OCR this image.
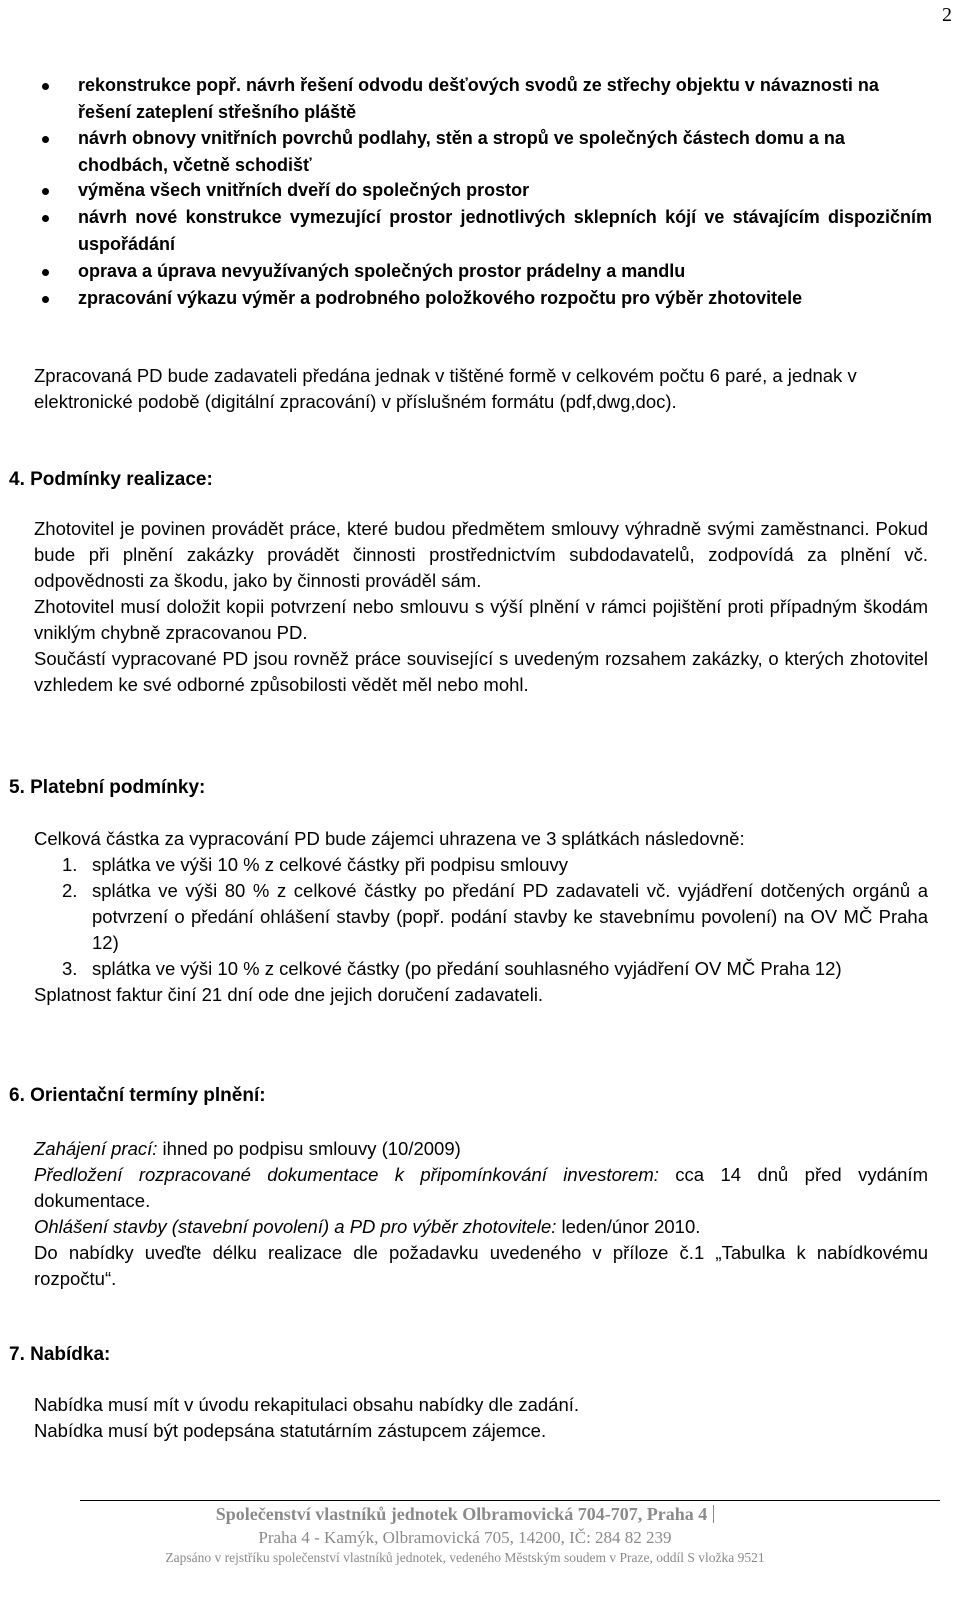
2
rekonstrukce popř. návrh řešení odvodu dešťových svodů ze střechy objektu v návaznosti na řešení zateplení střešního pláště
návrh obnovy vnitřních povrchů podlahy, stěn a stropů ve společných částech domu a na chodbách, včetně schodišť
výměna všech vnitřních dveří do společných prostor
návrh nové konstrukce vymezující prostor jednotlivých sklepních kójí ve stávajícím dispozičním uspořádání
oprava a úprava nevyužívaných společných prostor prádelny a mandlu
zpracování výkazu výměr a podrobného položkového rozpočtu pro výběr zhotovitele

Zpracovaná PD bude zadavateli předána jednak v tištěné formě v celkovém počtu 6 paré, a jednak v elektronické podobě (digitální zpracování) v příslušném formátu (pdf,dwg,doc).

4. Podmínky realizace:

Zhotovitel je povinen provádět práce, které budou předmětem smlouvy výhradně svými zaměstnanci. Pokud bude při plnění zakázky provádět činnosti prostřednictvím subdodavatelů, zodpovídá za plnění vč. odpovědnosti za škodu, jako by činnosti prováděl sám.

Zhotovitel musí doložit kopii potvrzení nebo smlouvu s výší plnění v rámci pojištění proti případným škodám vniklým chybně zpracovanou PD.

Součástí vypracované PD jsou rovněž práce související s uvedeným rozsahem zakázky, o kterých zhotovitel vzhledem ke své odborné způsobilosti vědět měl nebo mohl.

5. Platební podmínky:
Celková částka za vypracování PD bude zájemci uhrazena ve 3 splátkách následovně:
1. splátka ve výši 10 % z celkové částky při podpisu smlouvy
2. splátka ve výši 80 % z celkové částky po předání PD zadavateli vč. vyjádření dotčených orgánů a potvrzení o předání ohlášení stavby (popř. podání stavby ke stavebnímu povolení) na OV MČ Praha 12)
3. splátka ve výši 10 % z celkové částky (po předání souhlasného vyjádření OV MČ Praha 12)
Splatnost faktur činí 21 dní ode dne jejich doručení zadavateli.
6. Orientační termíny plnění:

Zahájení prací: ihned po podpisu smlouvy (10/2009)

Předložení rozpracované dokumentace k připomínkování investorem: cca 14 dnů před vydáním dokumentace.

Ohlášení stavby (stavební povolení) a PD pro výběr zhotovitele: leden/únor 2010.

Do nabídky uveďte délku realizace dle požadavku uvedeného v příloze č.1 „Tabulka k nabídkovému rozpočtu“.

7. Nabídka:

Nabídka musí mít v úvodu rekapitulaci obsahu nabídky dle zadání.

Nabídka musí být podepsána statutárním zástupcem zájemce.

Společenství vlastníků jednotek Olbramovická 704-707, Praha 4
Praha 4 - Kamýk, Olbramovická 705, 14200, IČ: 284 82 239
Zapsáno v rejstříku společenství vlastníků jednotek, vedeného Městským soudem v Praze, oddíl S vložka 9521
